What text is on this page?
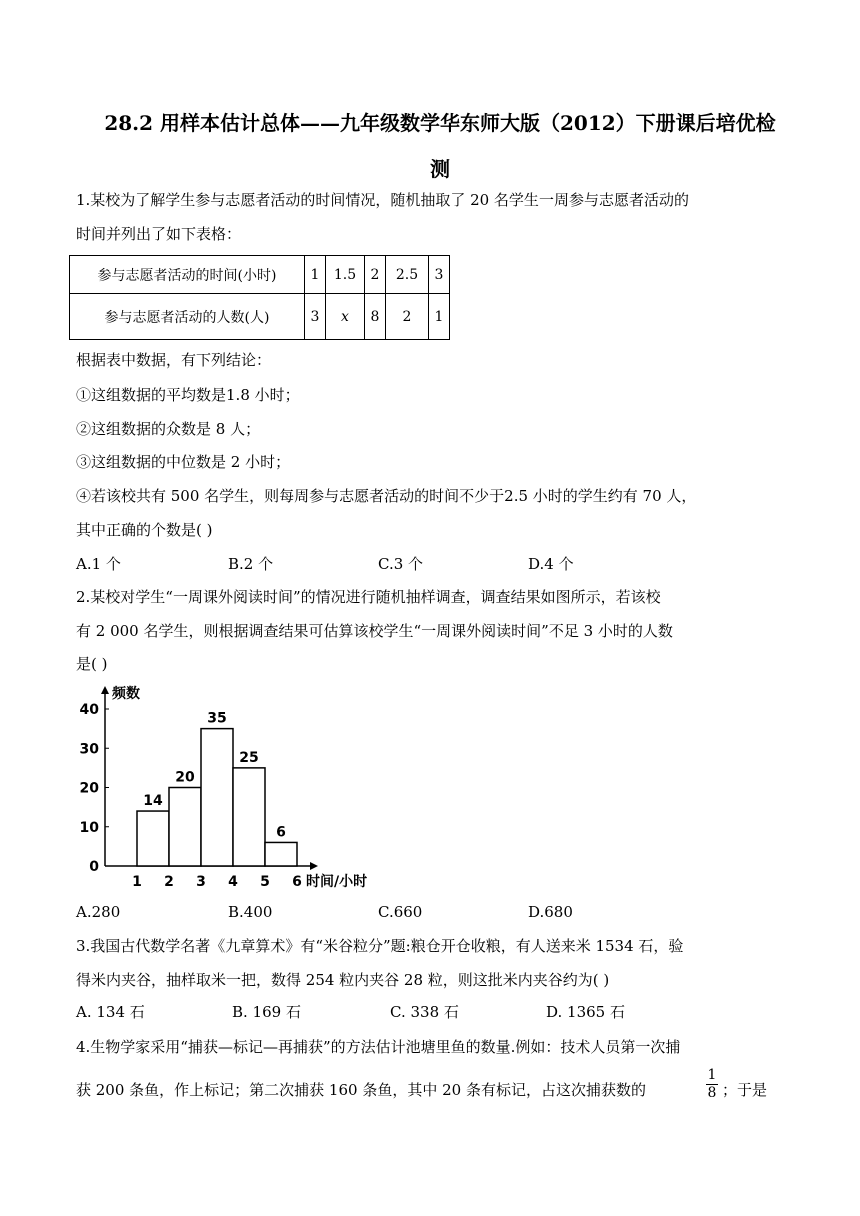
28.2 用样本估计总体——九年级数学华东师大版（2012）下册课后培优检
测
1.某校为了解学生参与志愿者活动的时间情况，随机抽取了 20 名学生一周参与志愿者活动的
时间并列出了如下表格：
参与志愿者活动的时间(小时)	1	1.5	2	2.5	3
参与志愿者活动的人数(人)	3	x	8	2	1
根据表中数据，有下列结论：
①这组数据的平均数是1.8 小时；
②这组数据的众数是 8 人；
③这组数据的中位数是 2 小时；
④若该校共有 500 名学生，则每周参与志愿者活动的时间不少于2.5 小时的学生约有 70 人，
其中正确的个数是( )
A.1 个	B.2 个	C.3 个	D.4 个
2.某校对学生“一周课外阅读时间”的情况进行随机抽样调查，调查结果如图所示，若该校
有 2 000 名学生，则根据调查结果可估算该校学生“一周课外阅读时间”不足 3 小时的人数
是( )
0
10
20
30
40
频数
1 2 3 4 5 6 时间/小时
14
20
35
25
6
A.280	B.400	C.660	D.680
3.我国古代数学名著《九章算术》有“米谷粒分”题:粮仓开仓收粮，有人送来米 1534 石，验
得米内夹谷，抽样取米一把，数得 254 粒内夹谷 28 粒，则这批米内夹谷约为( )
A. 134 石	B. 169 石	C. 338 石	D. 1365 石
4.生物学家采用“捕获—标记—再捕获”的方法估计池塘里鱼的数量.例如：技术人员第一次捕
获 200 条鱼，作上标记；第二次捕获 160 条鱼，其中 20 条有标记，占这次捕获数的
1
8 ；于是
